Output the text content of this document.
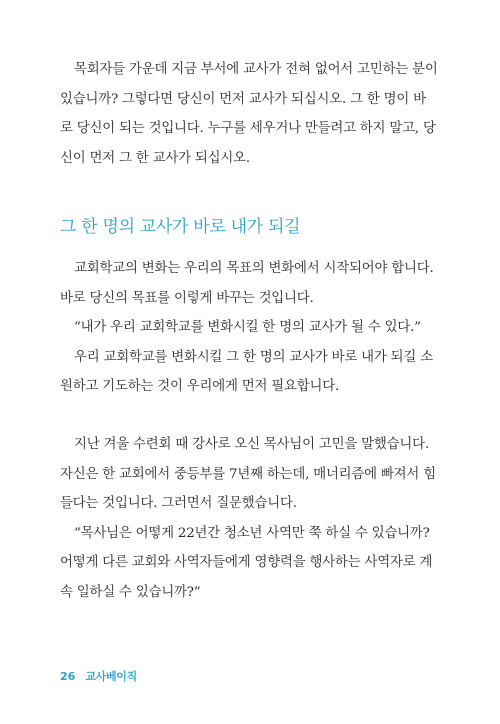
목회자들 가운데 지금 부서에 교사가 전혀 없어서 고민하는 분이

있습니까? 그렇다면 당신이 먼저 교사가 되십시오. 그 한 명이 바

로 당신이 되는 것입니다. 누구를 세우거나 만들려고 하지 말고, 당

신이 먼저 그 한 교사가 되십시오.

그 한 명의 교사가 바로 내가 되길

교회학교의 변화는 우리의 목표의 변화에서 시작되어야 합니다.

바로 당신의 목표를 이렇게 바꾸는 것입니다.

“내가 우리 교회학교를 변화시킬 한 명의 교사가 될 수 있다.”

우리 교회학교를 변화시킬 그 한 명의 교사가 바로 내가 되길 소

원하고 기도하는 것이 우리에게 먼저 필요합니다.

지난 겨울 수련회 때 강사로 오신 목사님이 고민을 말했습니다.

자신은 한 교회에서 중등부를 7년째 하는데, 매너리즘에 빠져서 힘

들다는 것입니다. 그러면서 질문했습니다.

“목사님은 어떻게 22년간 청소년 사역만 쭉 하실 수 있습니까?

어떻게 다른 교회와 사역자들에게 영향력을 행사하는 사역자로 계

속 일하실 수 있습니까?”

26 교사베이직
